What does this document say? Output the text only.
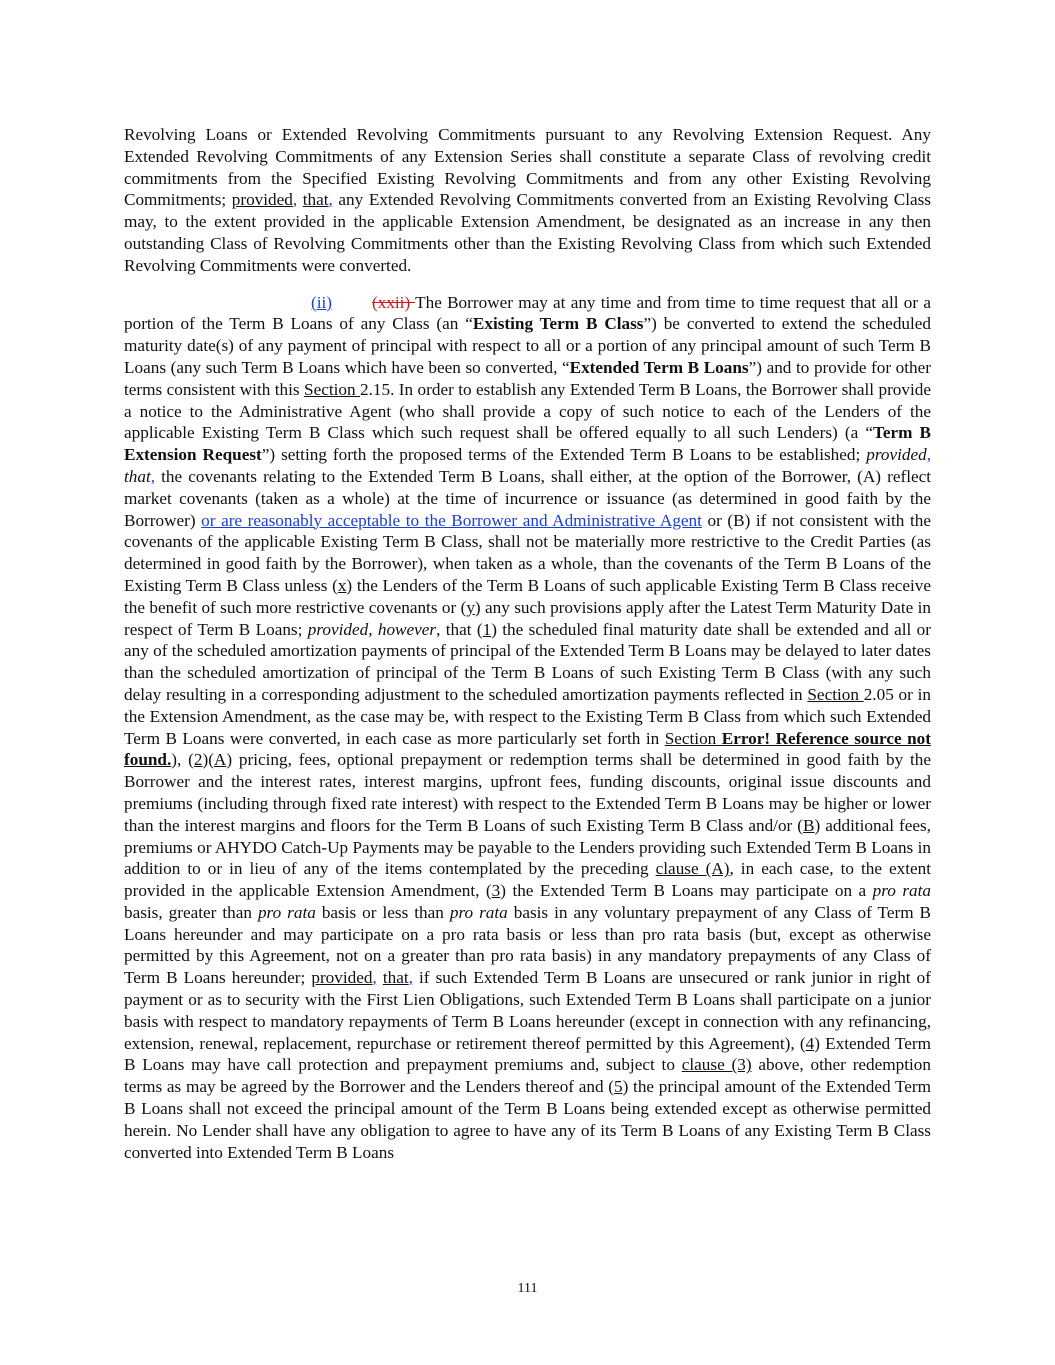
Revolving Loans or Extended Revolving Commitments pursuant to any Revolving Extension Request. Any Extended Revolving Commitments of any Extension Series shall constitute a separate Class of revolving credit commitments from the Specified Existing Revolving Commitments and from any other Existing Revolving Commitments; provided, that, any Extended Revolving Commitments converted from an Existing Revolving Class may, to the extent provided in the applicable Extension Amendment, be designated as an increase in any then outstanding Class of Revolving Commitments other than the Existing Revolving Class from which such Extended Revolving Commitments were converted.

(ii) (xxii) The Borrower may at any time and from time to time request that all or a portion of the Term B Loans of any Class (an “Existing Term B Class”) be converted to extend the scheduled maturity date(s) of any payment of principal with respect to all or a portion of any principal amount of such Term B Loans (any such Term B Loans which have been so converted, “Extended Term B Loans”) and to provide for other terms consistent with this Section 2.15. In order to establish any Extended Term B Loans, the Borrower shall provide a notice to the Administrative Agent (who shall provide a copy of such notice to each of the Lenders of the applicable Existing Term B Class which such request shall be offered equally to all such Lenders) (a “Term B Extension Request”) setting forth the proposed terms of the Extended Term B Loans to be established; provided, that, the covenants relating to the Extended Term B Loans, shall either, at the option of the Borrower, (A) reflect market covenants (taken as a whole) at the time of incurrence or issuance (as determined in good faith by the Borrower) or are reasonably acceptable to the Borrower and Administrative Agent or (B) if not consistent with the covenants of the applicable Existing Term B Class, shall not be materially more restrictive to the Credit Parties (as determined in good faith by the Borrower), when taken as a whole, than the covenants of the Term B Loans of the Existing Term B Class unless (x) the Lenders of the Term B Loans of such applicable Existing Term B Class receive the benefit of such more restrictive covenants or (y) any such provisions apply after the Latest Term Maturity Date in respect of Term B Loans; provided, however, that (1) the scheduled final maturity date shall be extended and all or any of the scheduled amortization payments of principal of the Extended Term B Loans may be delayed to later dates than the scheduled amortization of principal of the Term B Loans of such Existing Term B Class (with any such delay resulting in a corresponding adjustment to the scheduled amortization payments reflected in Section 2.05 or in the Extension Amendment, as the case may be, with respect to the Existing Term B Class from which such Extended Term B Loans were converted, in each case as more particularly set forth in Section Error! Reference source not found.), (2)(A) pricing, fees, optional prepayment or redemption terms shall be determined in good faith by the Borrower and the interest rates, interest margins, upfront fees, funding discounts, original issue discounts and premiums (including through fixed rate interest) with respect to the Extended Term B Loans may be higher or lower than the interest margins and floors for the Term B Loans of such Existing Term B Class and/or (B) additional fees, premiums or AHYDO Catch-Up Payments may be payable to the Lenders providing such Extended Term B Loans in addition to or in lieu of any of the items contemplated by the preceding clause (A), in each case, to the extent provided in the applicable Extension Amendment, (3) the Extended Term B Loans may participate on a pro rata basis, greater than pro rata basis or less than pro rata basis in any voluntary prepayment of any Class of Term B Loans hereunder and may participate on a pro rata basis or less than pro rata basis (but, except as otherwise permitted by this Agreement, not on a greater than pro rata basis) in any mandatory prepayments of any Class of Term B Loans hereunder; provided, that, if such Extended Term B Loans are unsecured or rank junior in right of payment or as to security with the First Lien Obligations, such Extended Term B Loans shall participate on a junior basis with respect to mandatory repayments of Term B Loans hereunder (except in connection with any refinancing, extension, renewal, replacement, repurchase or retirement thereof permitted by this Agreement), (4) Extended Term B Loans may have call protection and prepayment premiums and, subject to clause (3) above, other redemption terms as may be agreed by the Borrower and the Lenders thereof and (5) the principal amount of the Extended Term B Loans shall not exceed the principal amount of the Term B Loans being extended except as otherwise permitted herein. No Lender shall have any obligation to agree to have any of its Term B Loans of any Existing Term B Class converted into Extended Term B Loans

111
